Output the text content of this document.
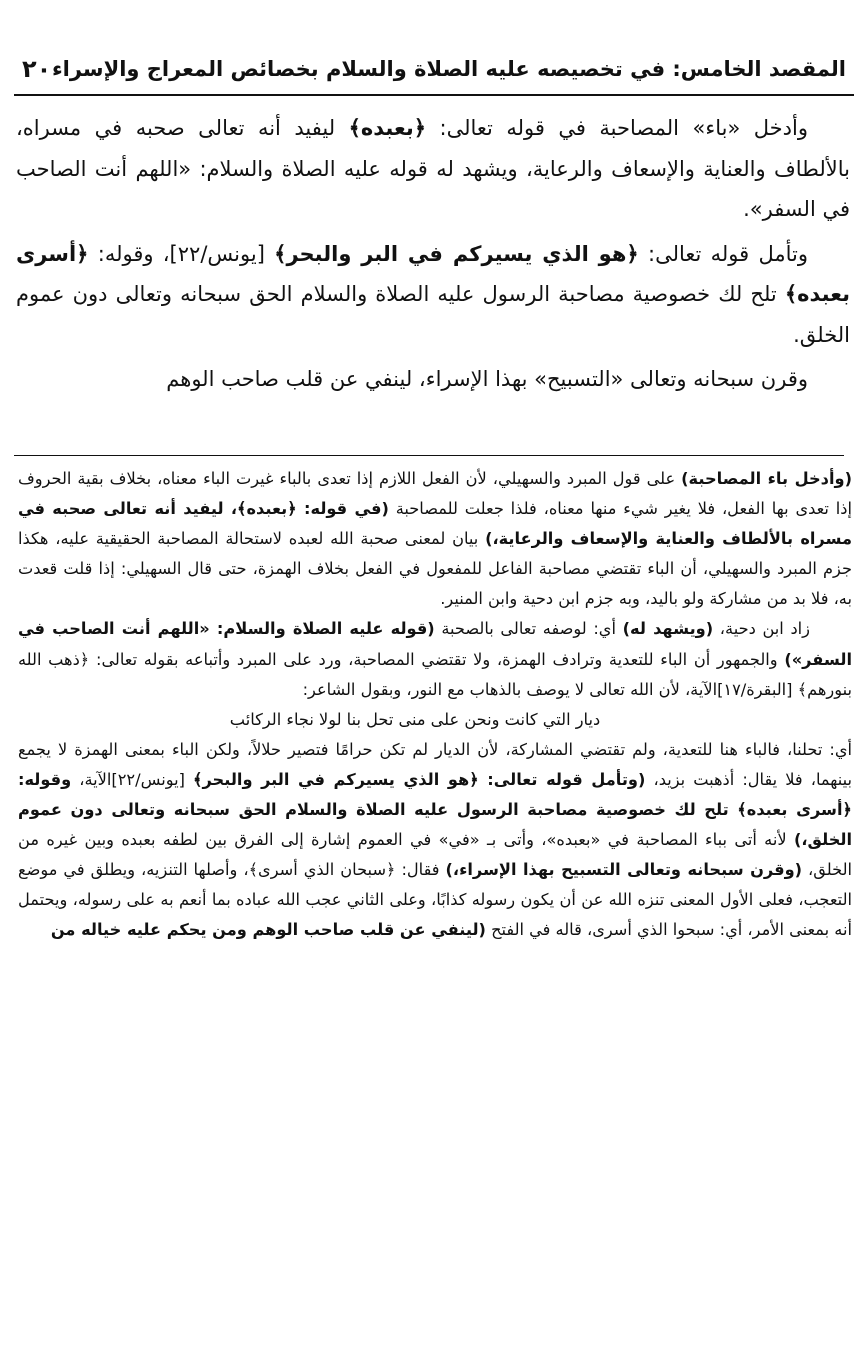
المقصد الخامس: في تخصيصه عليه الصلاة والسلام بخصائص المعراج والإسراء
٢٠

وأدخل «باء» المصاحبة في قوله تعالى: ﴿بعبده﴾ ليفيد أنه تعالى صحبه في مسراه، بالألطاف والعناية والإسعاف والرعاية، ويشهد له قوله عليه الصلاة والسلام: «اللهم أنت الصاحب في السفر».

وتأمل قوله تعالى: ﴿هو الذي يسيركم في البر والبحر﴾ [يونس/٢٢]، وقوله: ﴿أسرى بعبده﴾ تلح لك خصوصية مصاحبة الرسول عليه الصلاة والسلام الحق سبحانه وتعالى دون عموم الخلق.

وقرن سبحانه وتعالى «التسبيح» بهذا الإسراء، لينفي عن قلب صاحب الوهم

(وأدخل باء المصاحبة) على قول المبرد والسهيلي، لأن الفعل اللازم إذا تعدى بالباء غيرت الباء معناه، بخلاف بقية الحروف إذا تعدى بها الفعل، فلا يغير شيء منها معناه، فلذا جعلت للمصاحبة (في قوله: ﴿بعبده﴾، ليفيد أنه تعالى صحبه في مسراه بالألطاف والعناية والإسعاف والرعاية،) بيان لمعنى صحبة الله لعبده لاستحالة المصاحبة الحقيقية عليه، هكذا جزم المبرد والسهيلي، أن الباء تقتضي مصاحبة الفاعل للمفعول في الفعل بخلاف الهمزة، حتى قال السهيلي: إذا قلت قعدت به، فلا بد من مشاركة ولو باليد، وبه جزم ابن دحية وابن المنير.

زاد ابن دحية، (ويشهد له) أي: لوصفه تعالى بالصحبة (قوله عليه الصلاة والسلام: «اللهم أنت الصاحب في السفر») والجمهور أن الباء للتعدية وترادف الهمزة، ولا تقتضي المصاحبة، ورد على المبرد وأتباعه بقوله تعالى: ﴿ذهب الله بنورهم﴾ [البقرة/١٧]الآية، لأن الله تعالى لا يوصف بالذهاب مع النور، وبقول الشاعر:

ديار التي كانت ونحن على منى تحل بنا لولا نجاء الركائب

أي: تحلنا، فالباء هنا للتعدية، ولم تقتضي المشاركة، لأن الديار لم تكن حرامًا فتصير حلالاً، ولكن الباء بمعنى الهمزة لا يجمع بينهما، فلا يقال: أذهبت بزيد، (وتأمل قوله تعالى: ﴿هو الذي يسيركم في البر والبحر﴾ [يونس/٢٢]الآية، وقوله: ﴿أسرى بعبده﴾ تلح لك خصوصية مصاحبة الرسول عليه الصلاة والسلام الحق سبحانه وتعالى دون عموم الخلق،) لأنه أتى بباء المصاحبة في «بعبده»، وأتى بـ «في» في العموم إشارة إلى الفرق بين لطفه بعبده وبين غيره من الخلق، (وقرن سبحانه وتعالى التسبيح بهذا الإسراء،) فقال: ﴿سبحان الذي أسرى﴾، وأصلها التنزيه، ويطلق في موضع التعجب، فعلى الأول المعنى تنزه الله عن أن يكون رسوله كذابًا، وعلى الثاني عجب الله عباده بما أنعم به على رسوله، ويحتمل أنه بمعنى الأمر، أي: سبحوا الذي أسرى، قاله في الفتح (لينفي عن قلب صاحب الوهم ومن يحكم عليه خياله من
